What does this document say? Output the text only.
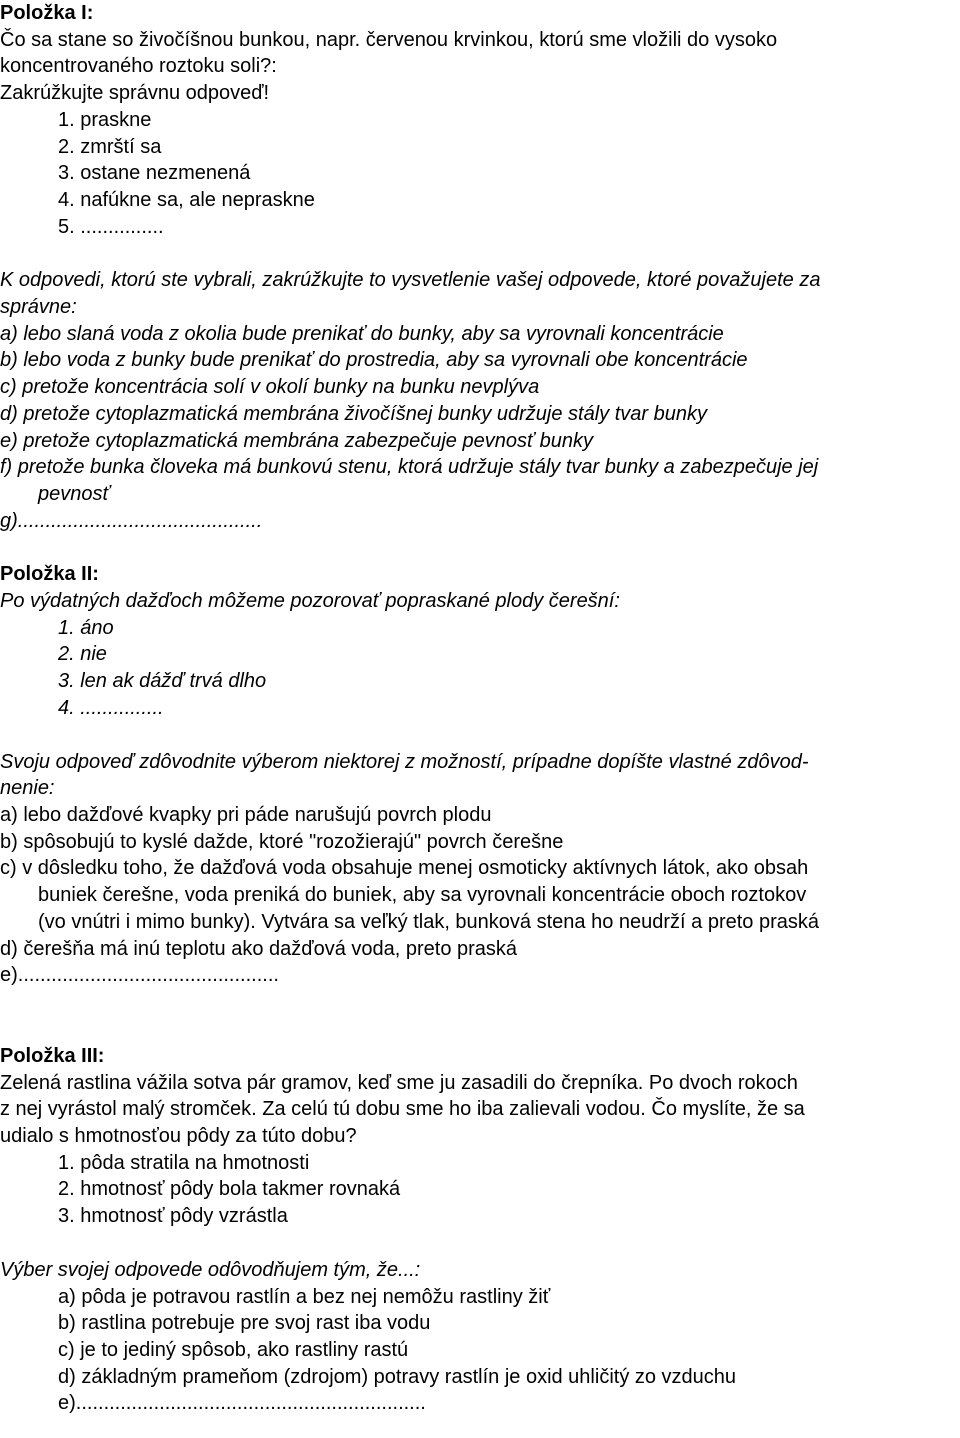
Položka I:
Čo sa stane so živočíšnou bunkou, napr. červenou krvinkou, ktorú sme vložili do vysoko
koncentrovaného roztoku soli?:
Zakrúžkujte správnu odpoveď!
1. praskne
2. zmrští sa
3. ostane nezmenená
4. nafúkne sa, ale nepraskne
5. ...............
K odpovedi, ktorú ste vybrali, zakrúžkujte to vysvetlenie vašej odpovede, ktoré považujete za
správne:
a) lebo slaná voda z okolia bude prenikať do bunky, aby sa vyrovnali koncentrácie
b) lebo voda z bunky bude prenikať do prostredia, aby sa vyrovnali obe koncentrácie
c) pretože koncentrácia solí v okolí bunky na bunku nevplýva
d) pretože cytoplazmatická membrána živočíšnej bunky udržuje stály tvar bunky
e) pretože cytoplazmatická membrána zabezpečuje pevnosť bunky
f) pretože bunka človeka má bunkovú stenu, ktorá udržuje stály tvar bunky a zabezpečuje jej
pevnosť
g)............................................
Položka II:
Po výdatných dažďoch môžeme pozorovať popraskané plody čerešní:
1. áno
2. nie
3. len ak dážď trvá dlho
4. ...............
Svoju odpoveď zdôvodnite výberom niektorej z možností, prípadne dopíšte vlastné zdôvod-
nenie:
a) lebo dažďové kvapky pri páde narušujú povrch plodu
b) spôsobujú to kyslé dažde, ktoré "rozožierajú" povrch čerešne
c) v dôsledku toho, že dažďová voda obsahuje menej osmoticky aktívnych látok, ako obsah
buniek čerešne, voda preniká do buniek, aby sa vyrovnali koncentrácie oboch roztokov
(vo vnútri i mimo bunky). Vytvára sa veľký tlak, bunková stena ho neudrží a preto praská
d) čerešňa má inú teplotu ako dažďová voda, preto praská
e)...............................................
Položka III:
Zelená rastlina vážila sotva pár gramov, keď sme ju zasadili do črepníka. Po dvoch rokoch
z nej vyrástol malý stromček. Za celú tú dobu sme ho iba zalievali vodou. Čo myslíte, že sa
udialo s hmotnosťou pôdy za túto dobu?
1. pôda stratila na hmotnosti
2. hmotnosť pôdy bola takmer rovnaká
3. hmotnosť pôdy vzrástla
Výber svojej odpovede odôvodňujem tým, že...:
a) pôda je potravou rastlín a bez nej nemôžu rastliny žiť
b) rastlina potrebuje pre svoj rast iba vodu
c) je to jediný spôsob, ako rastliny rastú
d) základným prameňom (zdrojom) potravy rastlín je oxid uhličitý zo vzduchu
e)...............................................................
